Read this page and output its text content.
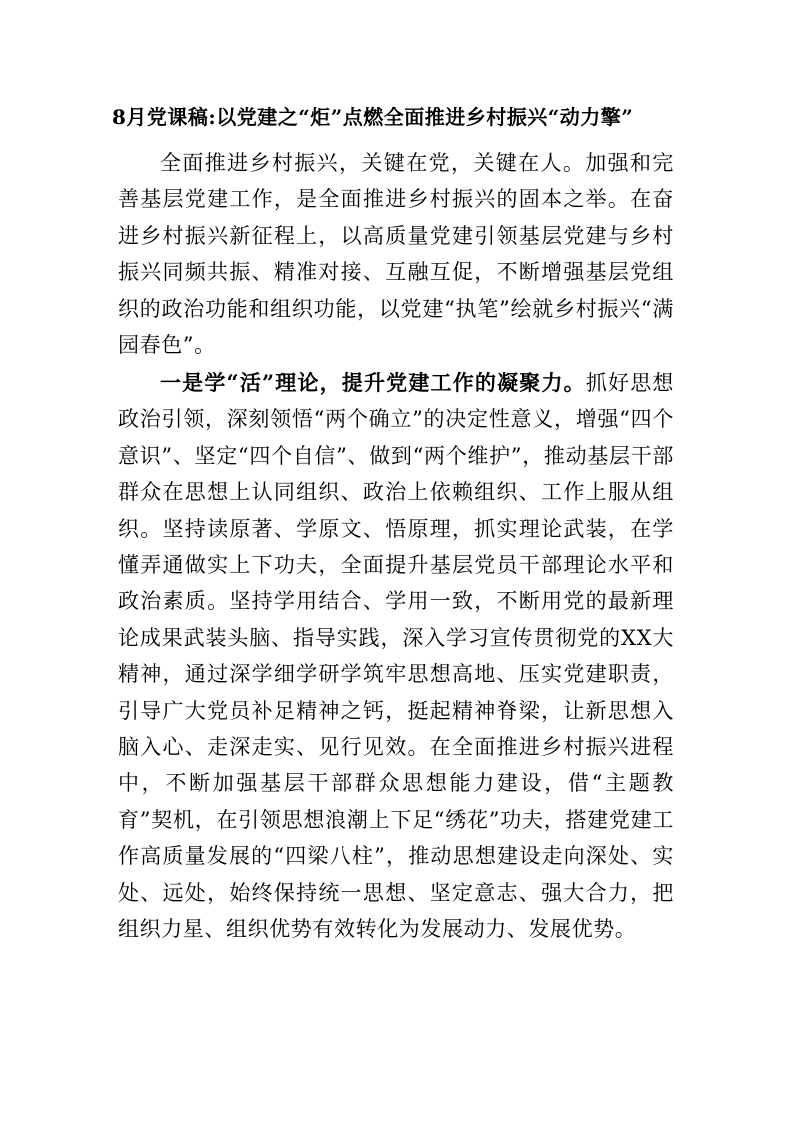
8月党课稿:以党建之“炬”点燃全面推进乡村振兴“动力擎”

全面推进乡村振兴，关键在党，关键在人。加强和完善基层党建工作，是全面推进乡村振兴的固本之举。在奋进乡村振兴新征程上，以高质量党建引领基层党建与乡村振兴同频共振、精准对接、互融互促，不断增强基层党组织的政治功能和组织功能，以党建“执笔”绘就乡村振兴“满园春色”。

一是学“活”理论，提升党建工作的凝聚力。抓好思想政治引领，深刻领悟“两个确立”的决定性意义，增强“四个意识”、坚定“四个自信”、做到“两个维护”，推动基层干部群众在思想上认同组织、政治上依赖组织、工作上服从组织。坚持读原著、学原文、悟原理，抓实理论武装，在学懂弄通做实上下功夫，全面提升基层党员干部理论水平和政治素质。坚持学用结合、学用一致，不断用党的最新理论成果武装头脑、指导实践，深入学习宣传贯彻党的XX大精神，通过深学细学研学筑牢思想高地、压实党建职责，引导广大党员补足精神之钙，挺起精神脊梁，让新思想入脑入心、走深走实、见行见效。在全面推进乡村振兴进程中，不断加强基层干部群众思想能力建设，借“主题教育”契机，在引领思想浪潮上下足“绣花”功夫，搭建党建工作高质量发展的“四梁八柱”，推动思想建设走向深处、实处、远处，始终保持统一思想、坚定意志、强大合力，把组织力星、组织优势有效转化为发展动力、发展优势。
